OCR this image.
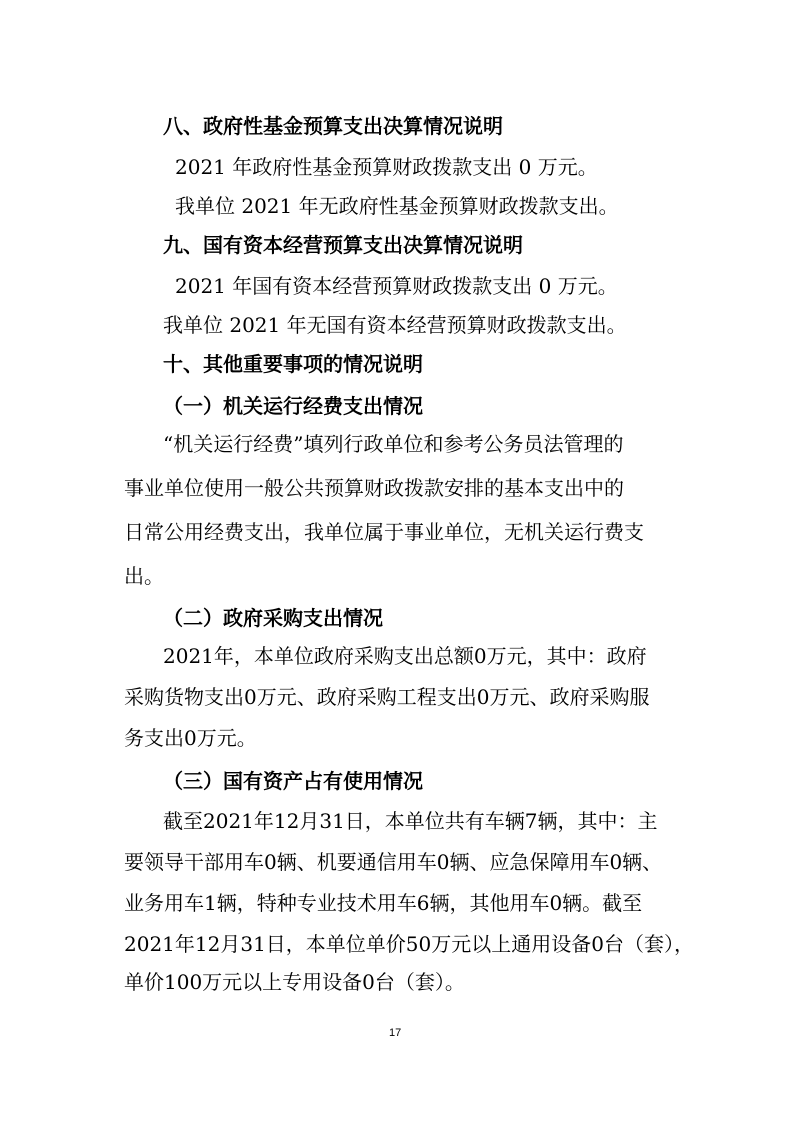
八、政府性基金预算支出决算情况说明
2021 年政府性基金预算财政拨款支出 0 万元。
我单位 2021 年无政府性基金预算财政拨款支出。
九、国有资本经营预算支出决算情况说明
2021 年国有资本经营预算财政拨款支出 0 万元。
我单位 2021 年无国有资本经营预算财政拨款支出。
十、其他重要事项的情况说明
（一）机关运行经费支出情况
“机关运行经费”填列行政单位和参考公务员法管理的
事业单位使用一般公共预算财政拨款安排的基本支出中的
日常公用经费支出，我单位属于事业单位，无机关运行费支
出。
（二）政府采购支出情况
2021年，本单位政府采购支出总额0万元，其中：政府
采购货物支出0万元、政府采购工程支出0万元、政府采购服
务支出0万元。
（三）国有资产占有使用情况
截至2021年12月31日，本单位共有车辆7辆，其中：主
要领导干部用车0辆、机要通信用车0辆、应急保障用车0辆、
业务用车1辆，特种专业技术用车6辆，其他用车0辆。截至
2021年12月31日，本单位单价50万元以上通用设备0台（套），
单价100万元以上专用设备0台（套）。
17
